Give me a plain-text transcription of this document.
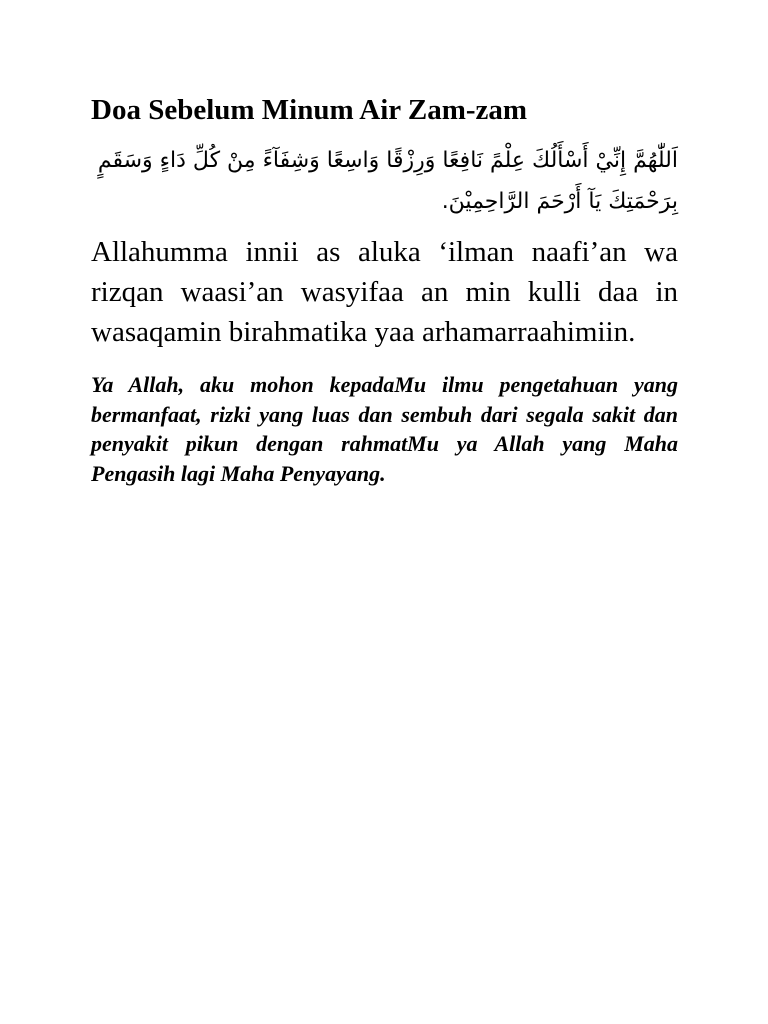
Doa Sebelum Minum Air Zam-zam
اَللّٰهُمَّ إِنِّيْ أَسْأَلُكَ عِلْمً نَافِعًا وَرِزْقًا وَاسِعًا وَشِفَآءً مِنْ كُلِّ دَاءٍ وَسَقَمٍ
بِرَحْمَتِكَ يَآ أَرْحَمَ الرَّاحِمِيْنَ.

Allahumma innii as aluka ‘ilman naafi’an wa rizqan waasi’an wasyifaa an min kulli daa in wasaqamin birahmatika yaa arhamarraahimiin.

Ya Allah, aku mohon kepadaMu ilmu pengetahuan yang bermanfaat, rizki yang luas dan sembuh dari segala sakit dan penyakit pikun dengan rahmatMu ya Allah yang Maha Pengasih lagi Maha Penyayang.
